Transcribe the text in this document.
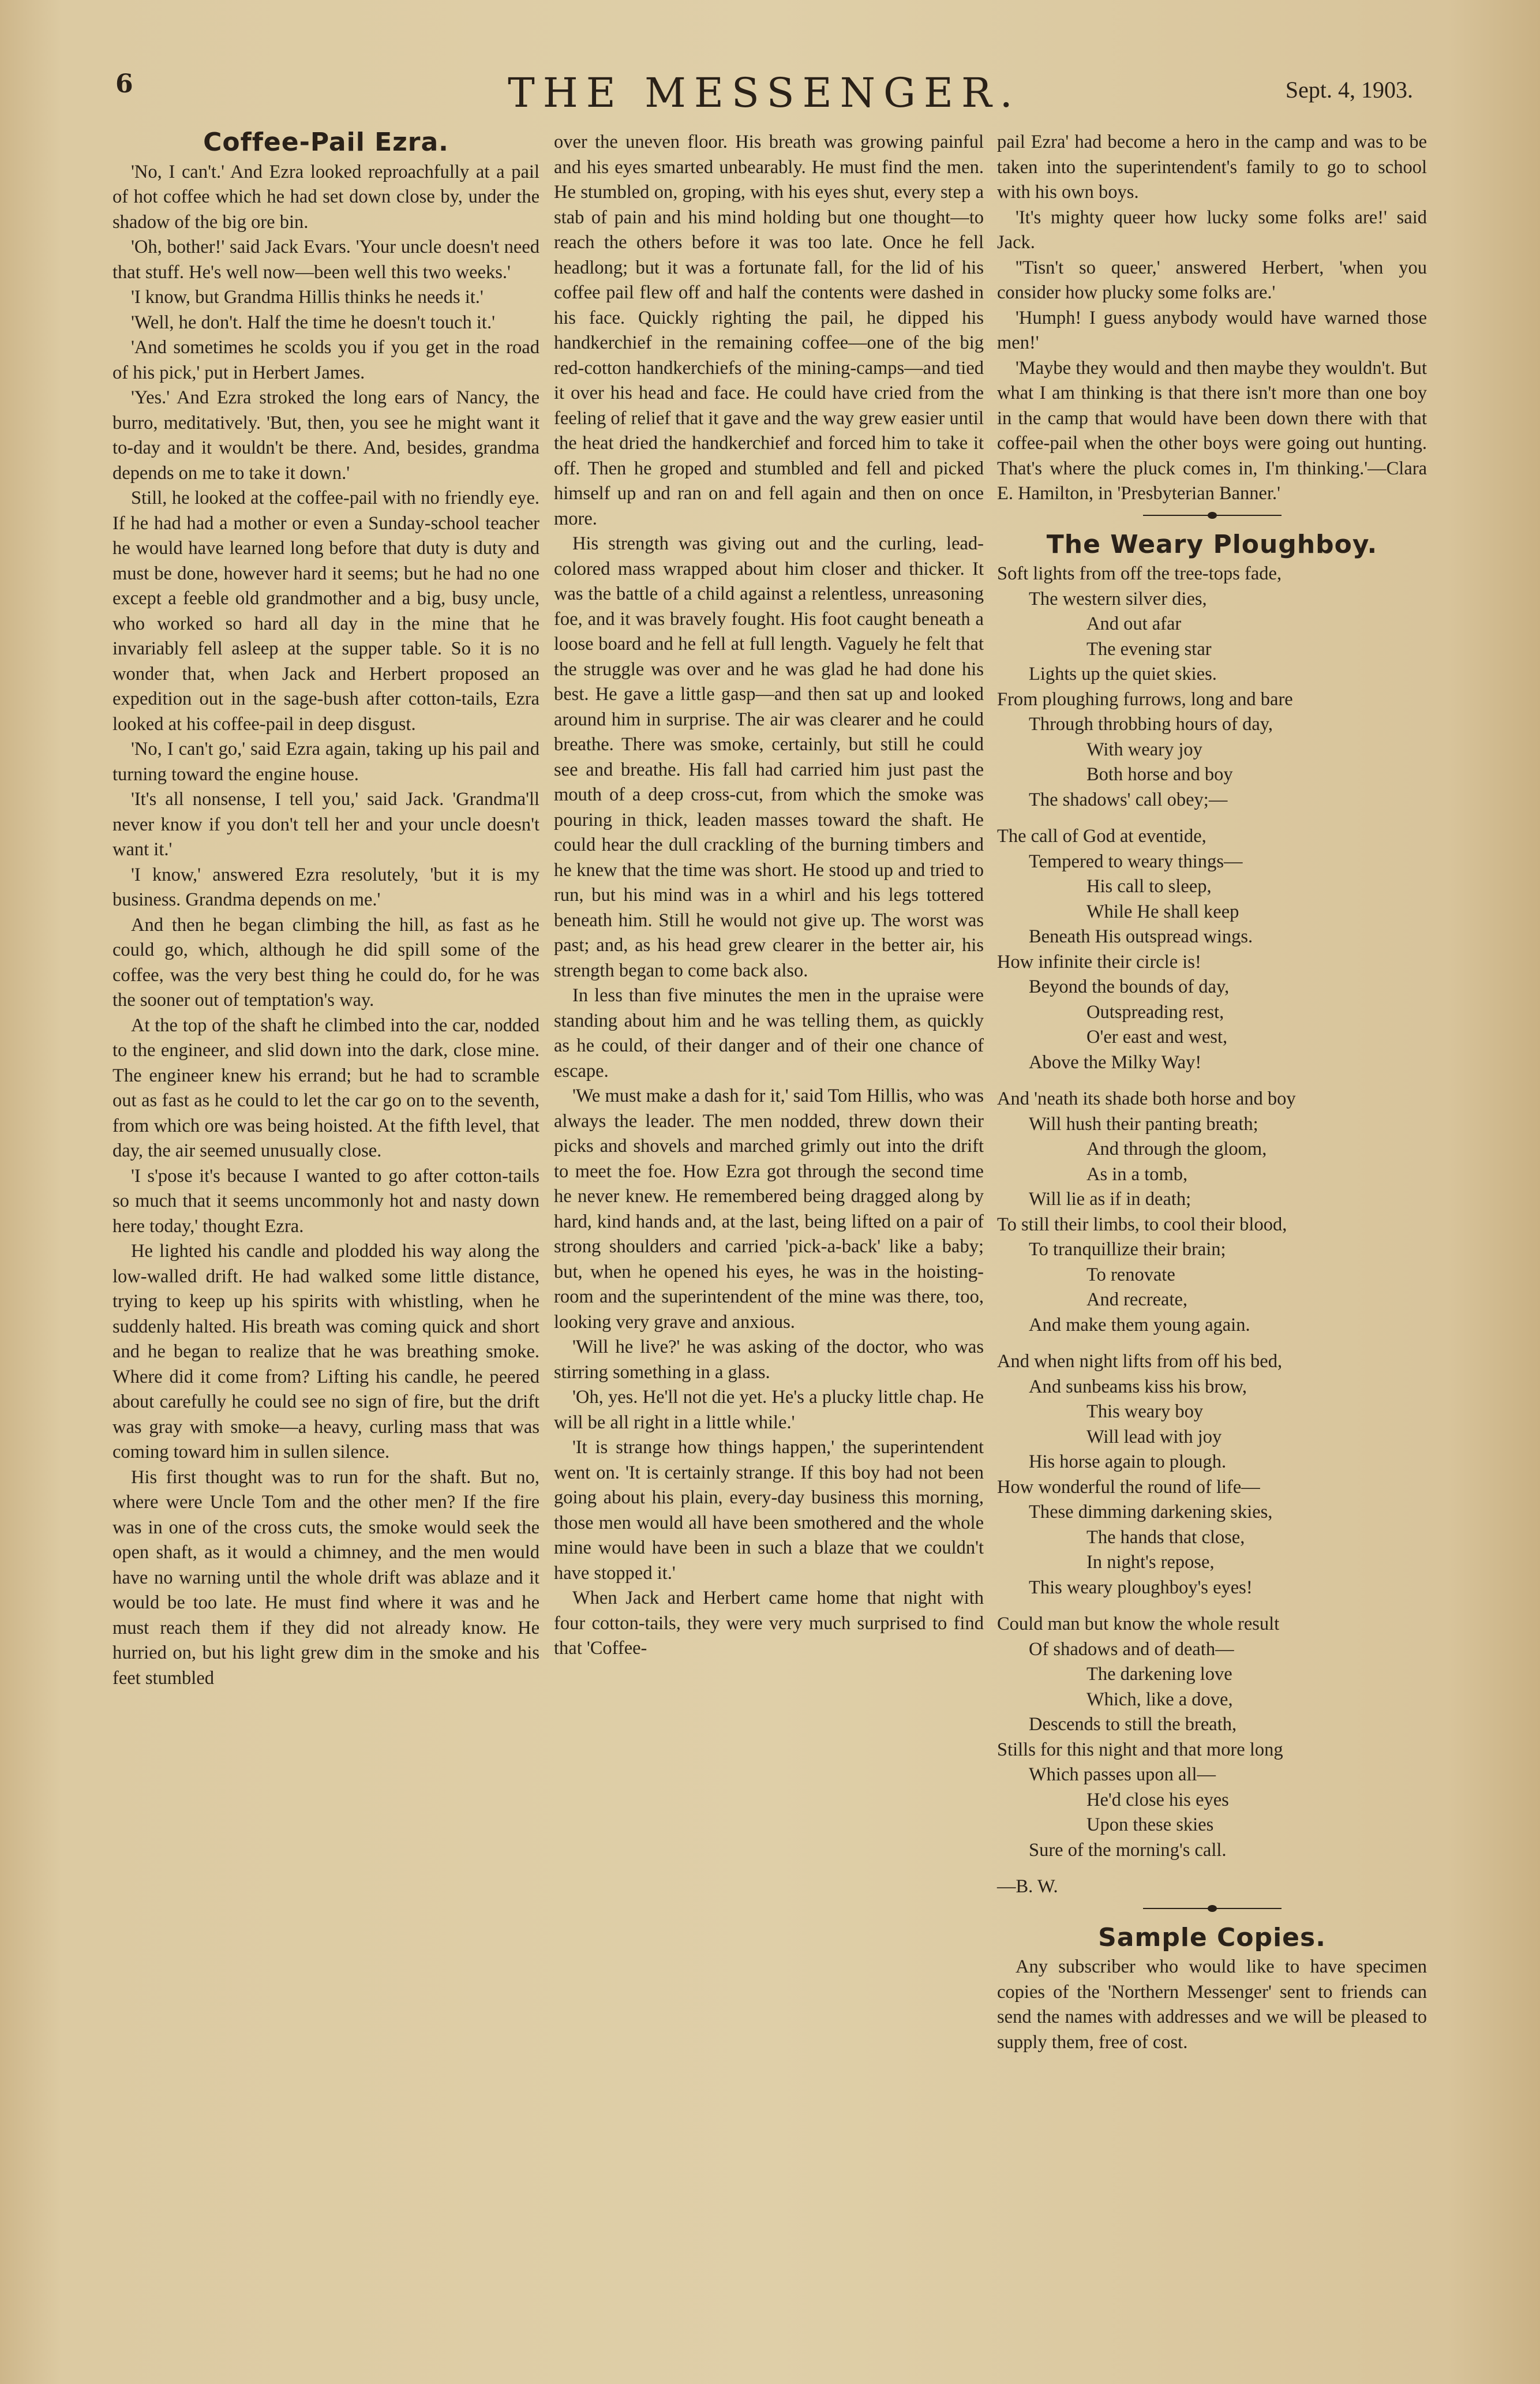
6	THE MESSENGER.	Sept. 4, 1903.
Coffee-Pail Ezra.

'No, I can't.' And Ezra looked reproachfully at a pail of hot coffee which he had set down close by, under the shadow of the big ore bin.

'Oh, bother!' said Jack Evars. 'Your uncle doesn't need that stuff. He's well now—been well this two weeks.'

'I know, but Grandma Hillis thinks he needs it.'

'Well, he don't. Half the time he doesn't touch it.'

'And sometimes he scolds you if you get in the road of his pick,' put in Herbert James.

'Yes.' And Ezra stroked the long ears of Nancy, the burro, meditatively. 'But, then, you see he might want it to-day and it wouldn't be there. And, besides, grandma depends on me to take it down.'

Still, he looked at the coffee-pail with no friendly eye. If he had had a mother or even a Sunday-school teacher he would have learned long before that duty is duty and must be done, however hard it seems; but he had no one except a feeble old grandmother and a big, busy uncle, who worked so hard all day in the mine that he invariably fell asleep at the supper table. So it is no wonder that, when Jack and Herbert proposed an expedition out in the sage-bush after cotton-tails, Ezra looked at his coffee-pail in deep disgust.

'No, I can't go,' said Ezra again, taking up his pail and turning toward the engine house.

'It's all nonsense, I tell you,' said Jack. 'Grandma'll never know if you don't tell her and your uncle doesn't want it.'

'I know,' answered Ezra resolutely, 'but it is my business. Grandma depends on me.'

And then he began climbing the hill, as fast as he could go, which, although he did spill some of the coffee, was the very best thing he could do, for he was the sooner out of temptation's way.

At the top of the shaft he climbed into the car, nodded to the engineer, and slid down into the dark, close mine. The engineer knew his errand; but he had to scramble out as fast as he could to let the car go on to the seventh, from which ore was being hoisted. At the fifth level, that day, the air seemed unusually close.

'I s'pose it's because I wanted to go after cotton-tails so much that it seems uncommonly hot and nasty down here today,' thought Ezra.

He lighted his candle and plodded his way along the low-walled drift. He had walked some little distance, trying to keep up his spirits with whistling, when he suddenly halted. His breath was coming quick and short and he began to realize that he was breathing smoke. Where did it come from? Lifting his candle, he peered about carefully he could see no sign of fire, but the drift was gray with smoke—a heavy, curling mass that was coming toward him in sullen silence.

His first thought was to run for the shaft. But no, where were Uncle Tom and the other men? If the fire was in one of the cross cuts, the smoke would seek the open shaft, as it would a chimney, and the men would have no warning until the whole drift was ablaze and it would be too late. He must find where it was and he must reach them if they did not already know. He hurried on, but his light grew dim in the smoke and his feet stumbled

over the uneven floor. His breath was growing painful and his eyes smarted unbearably. He must find the men. He stumbled on, groping, with his eyes shut, every step a stab of pain and his mind holding but one thought—to reach the others before it was too late. Once he fell headlong; but it was a fortunate fall, for the lid of his coffee pail flew off and half the contents were dashed in his face. Quickly righting the pail, he dipped his handkerchief in the remaining coffee—one of the big red-cotton handkerchiefs of the mining-camps—and tied it over his head and face. He could have cried from the feeling of relief that it gave and the way grew easier until the heat dried the handkerchief and forced him to take it off. Then he groped and stumbled and fell and picked himself up and ran on and fell again and then on once more.

His strength was giving out and the curling, lead-colored mass wrapped about him closer and thicker. It was the battle of a child against a relentless, unreasoning foe, and it was bravely fought. His foot caught beneath a loose board and he fell at full length. Vaguely he felt that the struggle was over and he was glad he had done his best. He gave a little gasp—and then sat up and looked around him in surprise. The air was clearer and he could breathe. There was smoke, certainly, but still he could see and breathe. His fall had carried him just past the mouth of a deep cross-cut, from which the smoke was pouring in thick, leaden masses toward the shaft. He could hear the dull crackling of the burning timbers and he knew that the time was short. He stood up and tried to run, but his mind was in a whirl and his legs tottered beneath him. Still he would not give up. The worst was past; and, as his head grew clearer in the better air, his strength began to come back also.

In less than five minutes the men in the upraise were standing about him and he was telling them, as quickly as he could, of their danger and of their one chance of escape.

'We must make a dash for it,' said Tom Hillis, who was always the leader. The men nodded, threw down their picks and shovels and marched grimly out into the drift to meet the foe. How Ezra got through the second time he never knew. He remembered being dragged along by hard, kind hands and, at the last, being lifted on a pair of strong shoulders and carried 'pick-a-back' like a baby; but, when he opened his eyes, he was in the hoisting-room and the superintendent of the mine was there, too, looking very grave and anxious.

'Will he live?' he was asking of the doctor, who was stirring something in a glass.

'Oh, yes. He'll not die yet. He's a plucky little chap. He will be all right in a little while.'

'It is strange how things happen,' the superintendent went on. 'It is certainly strange. If this boy had not been going about his plain, every-day business this morning, those men would all have been smothered and the whole mine would have been in such a blaze that we couldn't have stopped it.'

When Jack and Herbert came home that night with four cotton-tails, they were very much surprised to find that 'Coffee-

pail Ezra' had become a hero in the camp and was to be taken into the superintendent's family to go to school with his own boys.

'It's mighty queer how lucky some folks are!' said Jack.

''Tisn't so queer,' answered Herbert, 'when you consider how plucky some folks are.'

'Humph! I guess anybody would have warned those men!'

'Maybe they would and then maybe they wouldn't. But what I am thinking is that there isn't more than one boy in the camp that would have been down there with that coffee-pail when the other boys were going out hunting. That's where the pluck comes in, I'm thinking.'—Clara E. Hamilton, in 'Presbyterian Banner.'

The Weary Ploughboy.
Soft lights from off the tree-tops fade,
The western silver dies,
And out afar
The evening star
Lights up the quiet skies.
From ploughing furrows, long and bare
Through throbbing hours of day,
With weary joy
Both horse and boy
The shadows' call obey;—
The call of God at eventide,
Tempered to weary things—
His call to sleep,
While He shall keep
Beneath His outspread wings.
How infinite their circle is!
Beyond the bounds of day,
Outspreading rest,
O'er east and west,
Above the Milky Way!
And 'neath its shade both horse and boy
Will hush their panting breath;
And through the gloom,
As in a tomb,
Will lie as if in death;
To still their limbs, to cool their blood,
To tranquillize their brain;
To renovate
And recreate,
And make them young again.
And when night lifts from off his bed,
And sunbeams kiss his brow,
This weary boy
Will lead with joy
His horse again to plough.
How wonderful the round of life—
These dimming darkening skies,
The hands that close,
In night's repose,
This weary ploughboy's eyes!
Could man but know the whole result
Of shadows and of death—
The darkening love
Which, like a dove,
Descends to still the breath,
Stills for this night and that more long
Which passes upon all—
He'd close his eyes
Upon these skies
Sure of the morning's call.
—B. W.
Sample Copies.

Any subscriber who would like to have specimen copies of the 'Northern Messenger' sent to friends can send the names with addresses and we will be pleased to supply them, free of cost.
